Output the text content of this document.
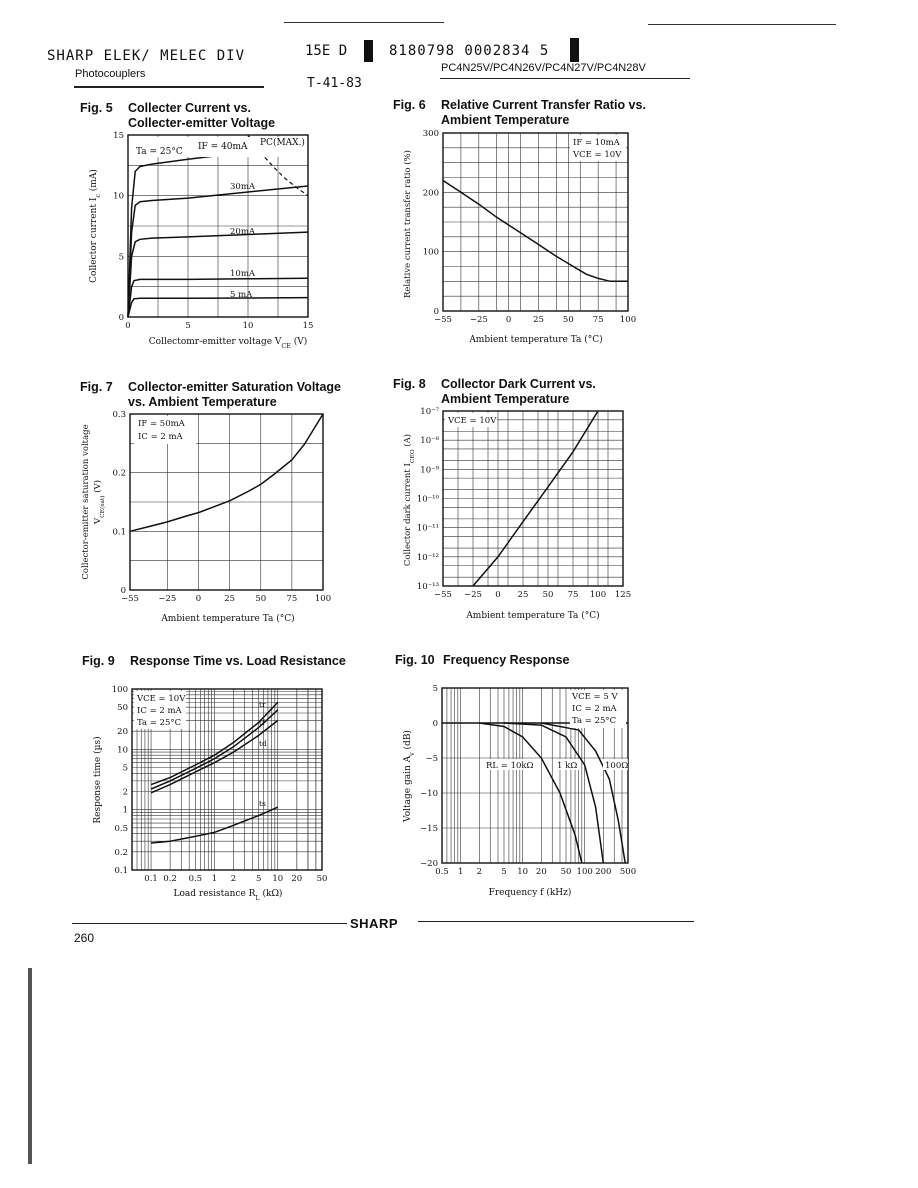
SHARP ELEK/ MELEC DIV
Photocouplers
15E D	8180798 0002834 5
T-41-83
PC4N25V/PC4N26V/PC4N27V/PC4N28V
Fig. 5 Collecter Current vs.
Collecter-emitter Voltage
Fig. 6 Relative Current Transfer Ratio vs.
Ambient Temperature
Fig. 7 Collector-emitter Saturation Voltage
vs. Ambient Temperature
Fig. 8 Collector Dark Current vs.
Ambient Temperature
Fig. 9 Response Time vs. Load Resistance	Fig. 10 Frequency Response
0	5	10	15
0
5
10
15
30mA
20mA
10mA
5 mA
Ta = 25°C IF = 40mA PC(MAX.)
Collectomr-emitter voltage $V_{CE}$ (V)
Collector current $I_c$ (mA)
−55 −25 0	25 50 75 100
0
100
200
300
IF = 10mA
VCE = 10V
Ambient temperature Ta (°C)
Relative current transfer ratio (%)
−55 −25 0	25 50 75 100
0
0.1
0.2
0.3
IF = 50mA
IC = 2 mA
Ambient temperature Ta (°C)
Collector-emitter saturation voltage $V_{CE(sat)}$ (V)
−55 −25 0 25 50 75 100 125
10⁻¹³
10⁻¹²
10⁻¹¹
10⁻¹⁰
10⁻⁹
10⁻⁸
10⁻⁷
VCE = 10V
Ambient temperature Ta (°C)
Collector dark current $I_{CEO}$ (A)
0.1 0.2 0.5 1 2 5 10 20 50
0.1
0.2
0.5
1
2
5
10
20
50
100
VCE = 10V
IC = 2 mA
Ta = 25°C
tr
tf
td
ts
Load resistance $R_L$ (kΩ)
Response time (µs)
0.5 1 2 5 10 20 50 100 200 500
5
0
−5
−10
−15
−20
VCE = 5 V
IC = 2 mA
Ta = 25°C
RL = 10kΩ	1 kΩ	100Ω
Frequency f (kHz)
Voltage gain $A_v$ (dB)
SHARP
260
